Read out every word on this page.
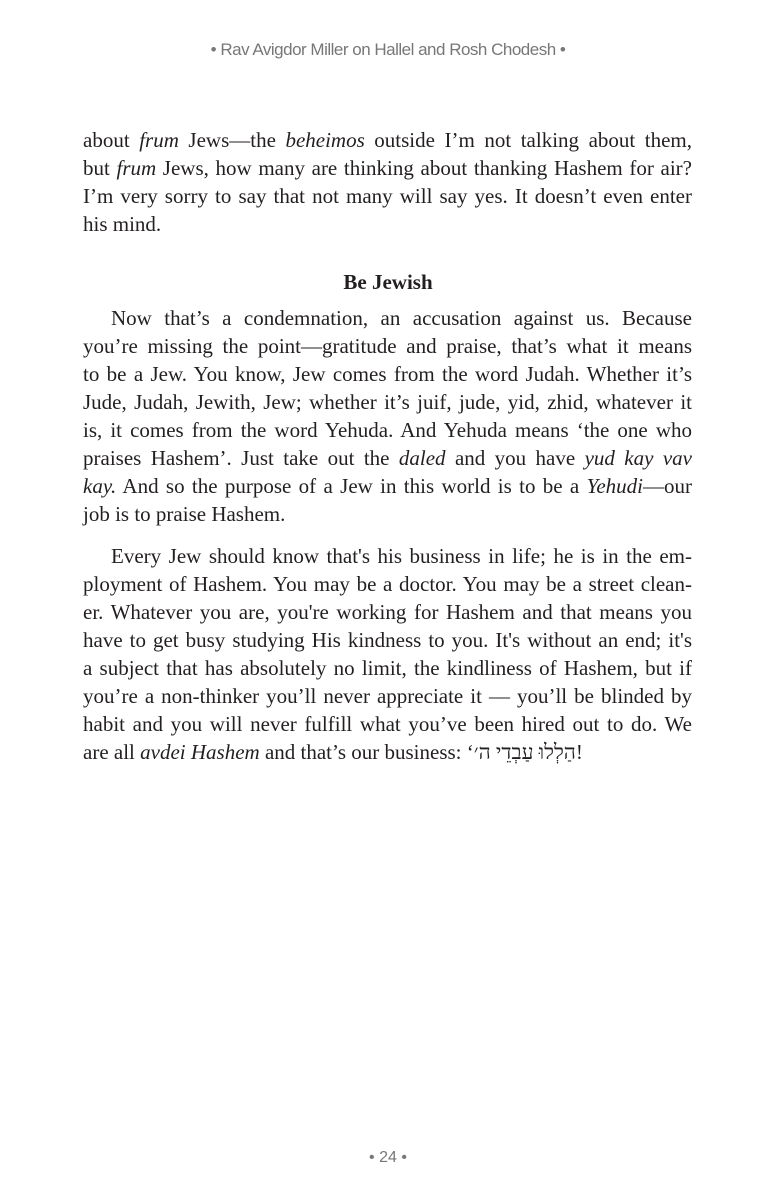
• Rav Avigdor Miller on Hallel and Rosh Chodesh •
about frum Jews—the beheimos outside I’m not talking about them,
but frum Jews, how many are thinking about thanking Hashem for air?
I’m very sorry to say that not many will say yes. It doesn’t even enter
his mind.
Be Jewish
Now that’s a condemnation, an accusation against us. Because
you’re missing the point—gratitude and praise, that’s what it means
to be a Jew. You know, Jew comes from the word Judah. Whether it’s
Jude, Judah, Jewith, Jew; whether it’s juif, jude, yid, zhid, whatever it
is, it comes from the word Yehuda. And Yehuda means ‘the one who
praises Hashem’. Just take out the daled and you have yud kay vav
kay. And so the purpose of a Jew in this world is to be a Yehudi—our
job is to praise Hashem.
Every Jew should know that's his business in life; he is in the em-
ployment of Hashem. You may be a doctor. You may be a street clean-
er. Whatever you are, you're working for Hashem and that means you
have to get busy studying His kindness to you. It's without an end; it's
a subject that has absolutely no limit, the kindliness of Hashem, but if
you’re a non-thinker you’ll never appreciate it — you’ll be blinded by
habit and you will never fulfill what you’ve been hired out to do. We
are all avdei Hashem and that’s our business: ‘הַלְלוּ עַבְדֵי ה׳!
• 24 •
